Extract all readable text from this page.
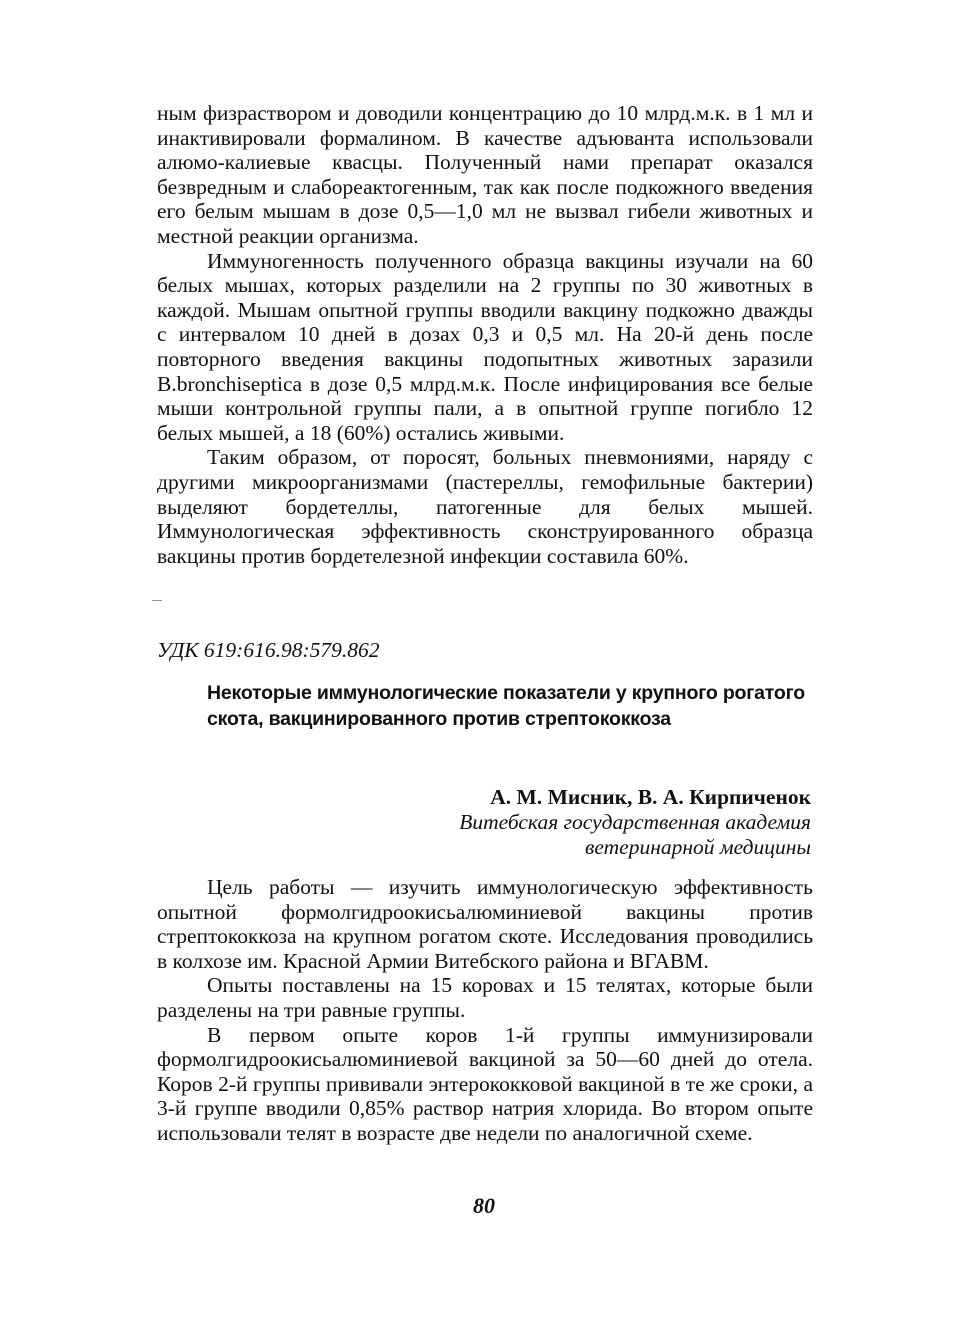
ным физраствором и доводили концентрацию до 10 млрд.м.к. в 1 мл и инактивировали формалином. В качестве адъюванта использовали алюмо-калиевые квасцы. Полученный нами препарат оказался безвредным и слабореактогенным, так как после подкожного введения его белым мышам в дозе 0,5—1,0 мл не вызвал гибели животных и местной реакции организма.

Иммуногенность полученного образца вакцины изучали на 60 белых мышах, которых разделили на 2 группы по 30 животных в каждой. Мышам опытной группы вводили вакцину подкожно дважды с интервалом 10 дней в дозах 0,3 и 0,5 мл. На 20-й день после повторного введения вакцины подопытных животных заразили B.bronchiseptica в дозе 0,5 млрд.м.к. После инфицирования все белые мыши контрольной группы пали, а в опытной группе погибло 12 белых мышей, а 18 (60%) остались живыми.

Таким образом, от поросят, больных пневмониями, наряду с другими микроорганизмами (пастереллы, гемофильные бактерии) выделяют бордетеллы, патогенные для белых мышей. Иммунологическая эффективность сконструированного образца вакцины против бордетелезной инфекции составила 60%.

УДК 619:616.98:579.862
Некоторые иммунологические показатели у крупного рогатого скота, вакцинированного против стрептококкоза
А. М. Мисник, В. А. Кирпиченок
Витебская государственная академия
ветеринарной медицины

Цель работы — изучить иммунологическую эффективность опытной формолгидроокисьалюминиевой вакцины против стрептококкоза на крупном рогатом скоте. Исследования проводились в колхозе им. Красной Армии Витебского района и ВГАВМ.

Опыты поставлены на 15 коровах и 15 телятах, которые были разделены на три равные группы.

В первом опыте коров 1-й группы иммунизировали формолгидроокисьалюминиевой вакциной за 50—60 дней до отела. Коров 2-й группы прививали энтерококковой вакциной в те же сроки, а 3-й группе вводили 0,85% раствор натрия хлорида. Во втором опыте использовали телят в возрасте две недели по аналогичной схеме.

80
